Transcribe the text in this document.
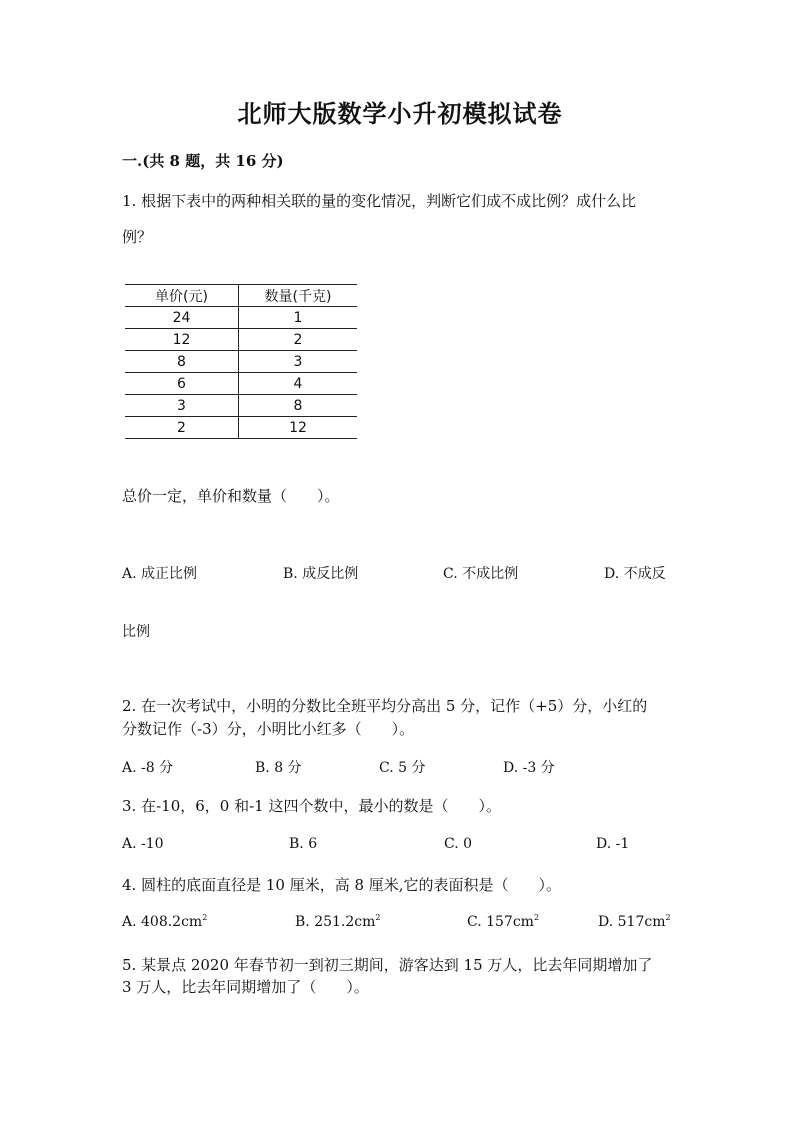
北师大版数学小升初模拟试卷
一.(共 8 题，共 16 分)
1. 根据下表中的两种相关联的量的变化情况，判断它们成不成比例？成什么比
例？
单价(元)	数量(千克)
24	1
12	2
8	3
6	4
3	8
2	12
总价一定，单价和数量（　　）。
A. 成正比例	B. 成反比例	C. 不成比例	D. 不成反
比例
2. 在一次考试中，小明的分数比全班平均分高出 5 分，记作（+5）分，小红的
分数记作（-3）分，小明比小红多（　　）。
A. -8 分	B. 8 分	C. 5 分	D. -3 分
3. 在-10，6，0 和-1 这四个数中，最小的数是（　　）。
A. -10	B. 6	C. 0	D. -1
4. 圆柱的底面直径是 10 厘米，高 8 厘米,它的表面积是（　　）。
A. $408.2cm^2$	B. $251.2cm^2$	C. $157cm^2$	D. $517cm^2$
5. 某景点 2020 年春节初一到初三期间，游客达到 15 万人，比去年同期增加了
3 万人，比去年同期增加了（　　）。
